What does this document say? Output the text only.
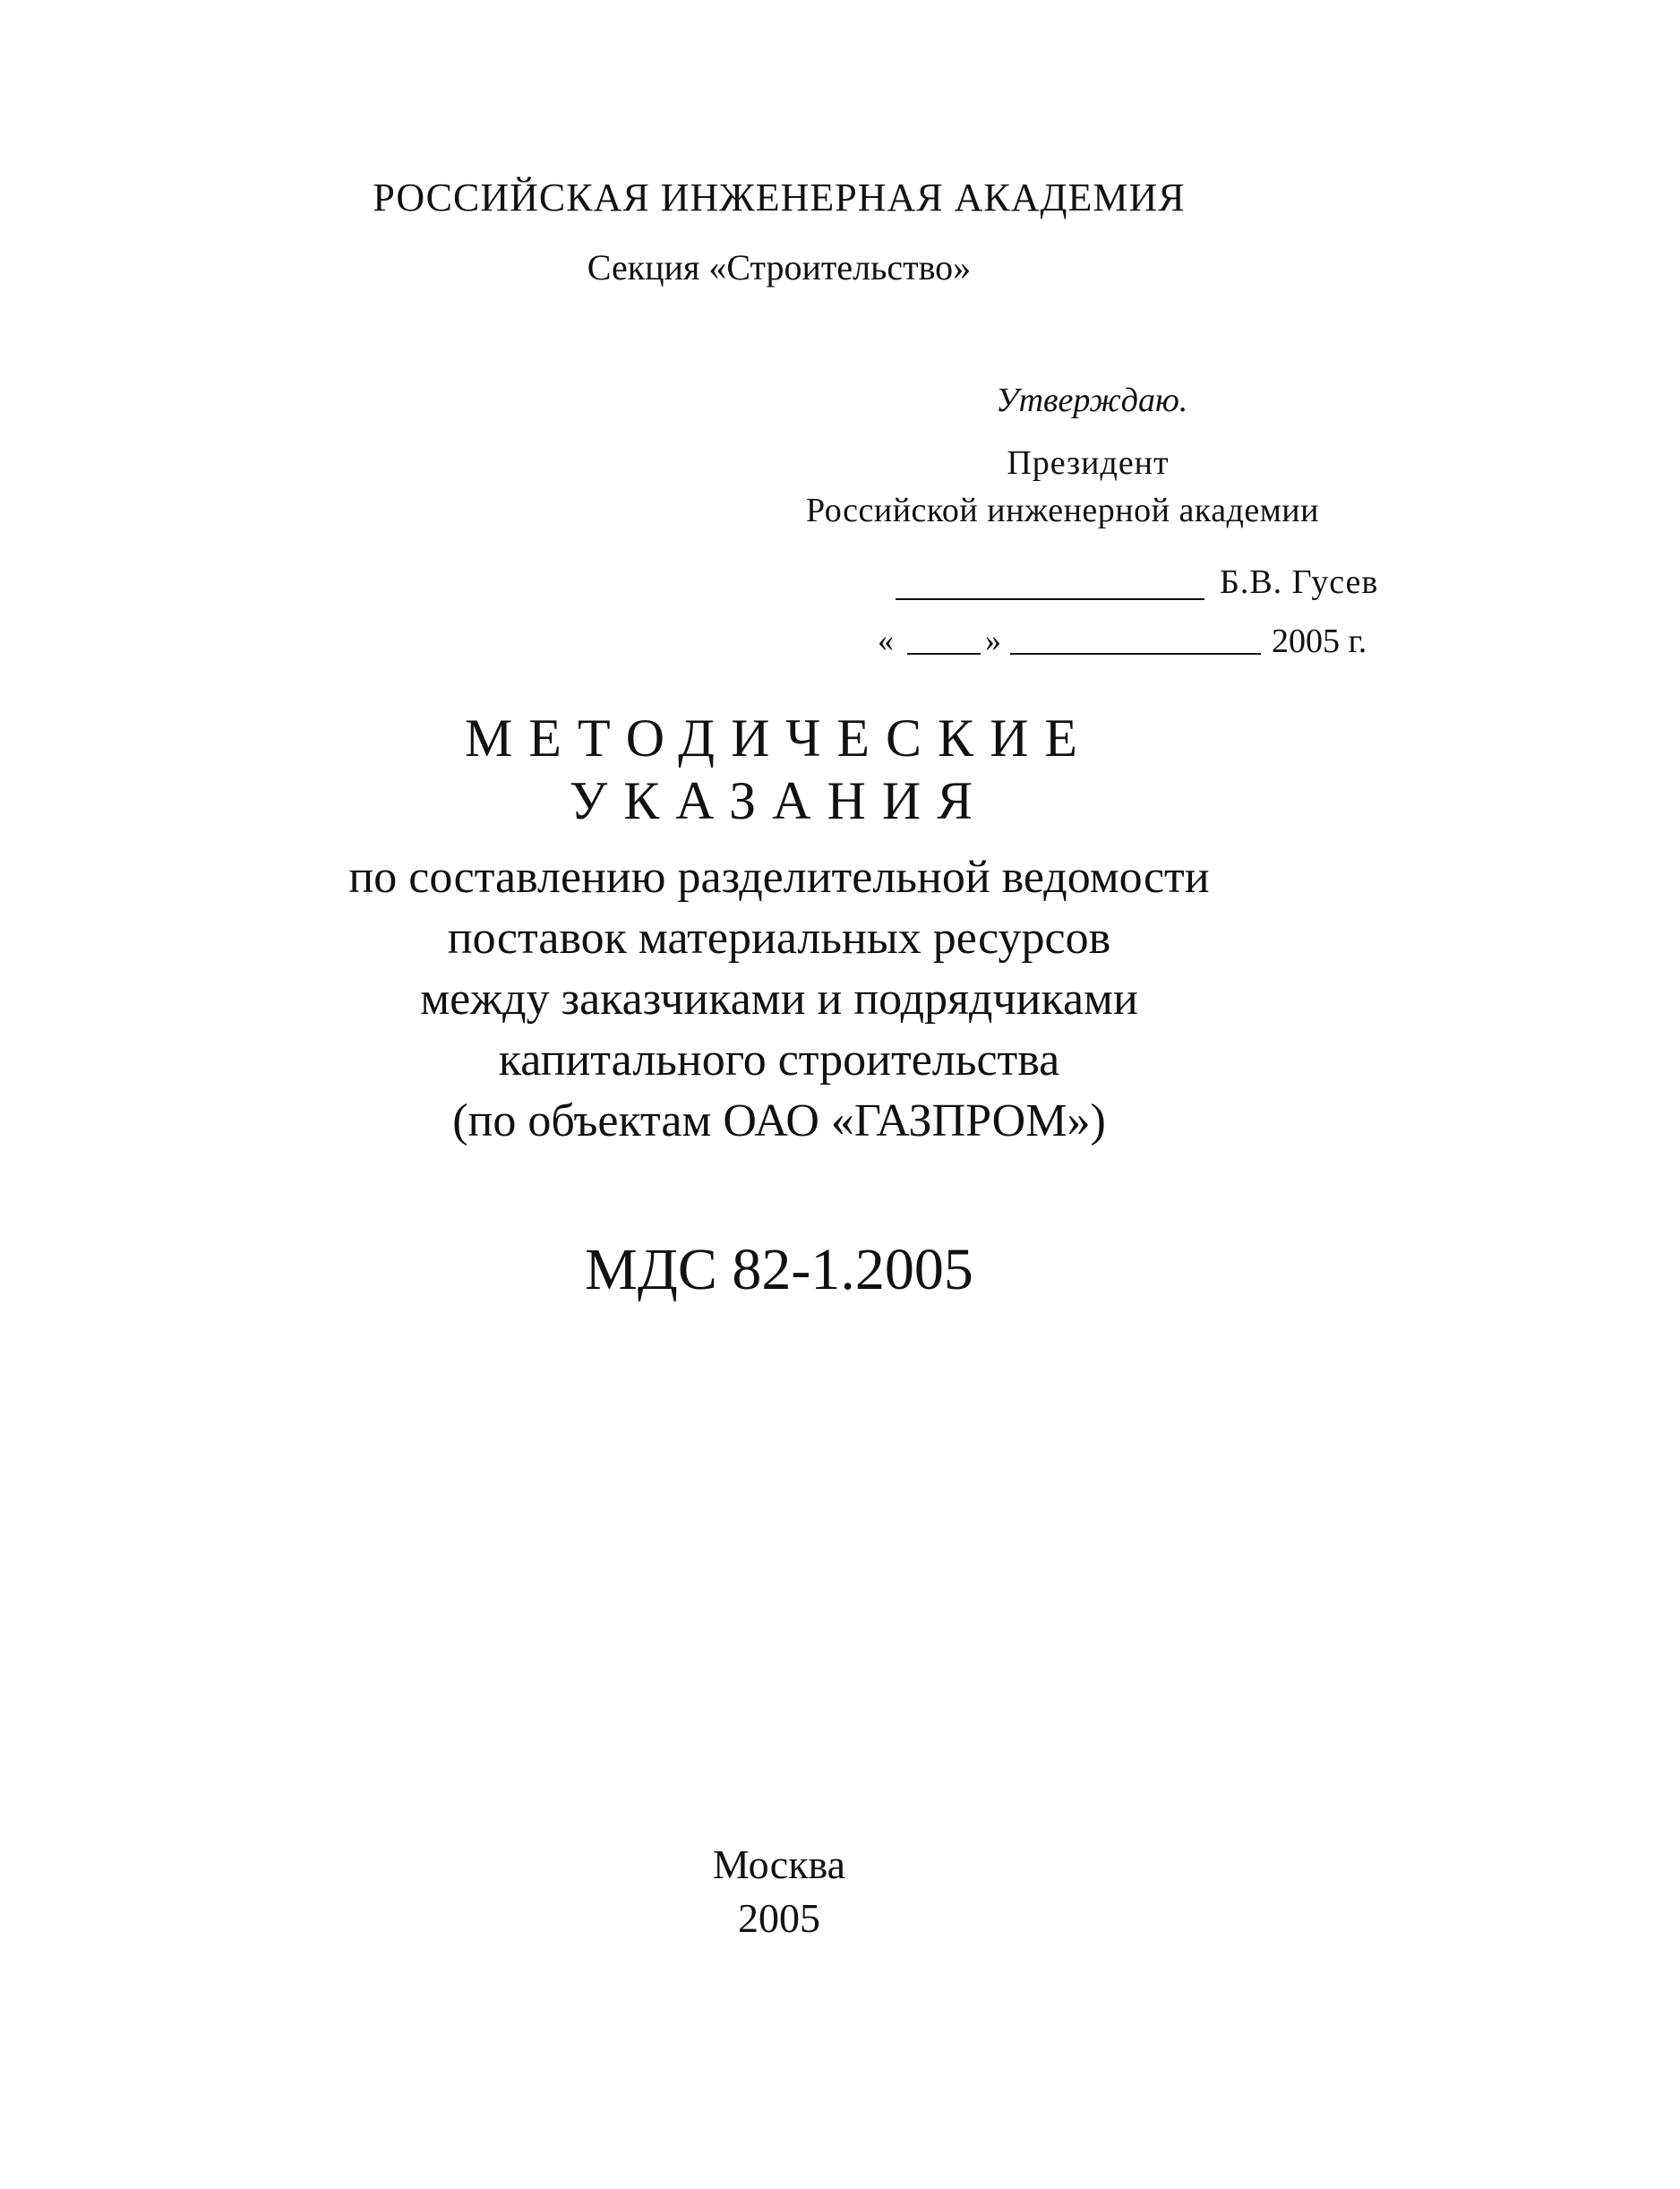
РОССИЙСКАЯ ИНЖЕНЕРНАЯ АКАДЕМИЯ
Секция «Строительство»
Утверждаю.
Президент
Российской инженерной академии
Б.В. Гусев
«	»	2005 г.
МЕТОДИЧЕСКИЕ
УКАЗАНИЯ
по составлению разделительной ведомости
поставок материальных ресурсов
между заказчиками и подрядчиками
капитального строительства
(по объектам ОАО «ГАЗПРОМ»)
МДС 82-1.2005
Москва
2005
